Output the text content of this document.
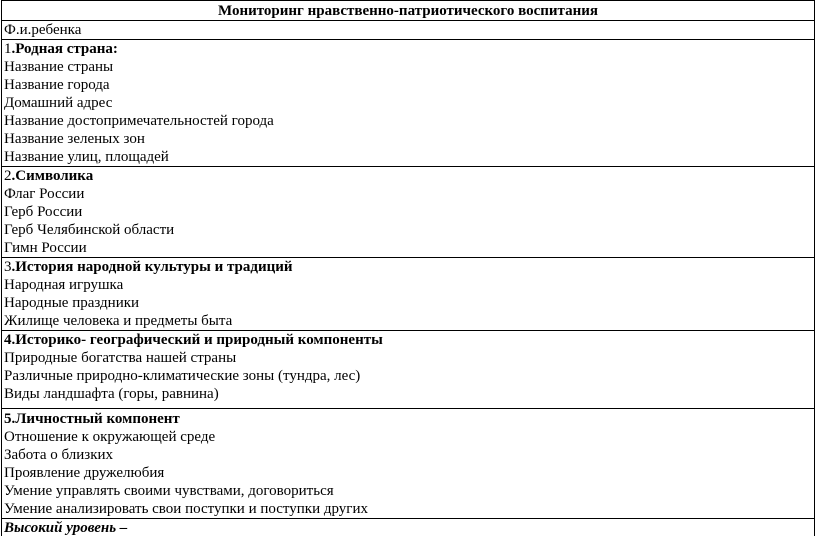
Мониторинг нравственно-патриотического воспитания
Ф.и.ребенка
1.Родная страна:
Название страны
Название города
Домашний адрес
Название достопримечательностей города
Название зеленых зон
Название улиц, площадей
2.Символика
Флаг России
Герб России
Герб Челябинской области
Гимн России
3.История народной культуры и традиций
Народная игрушка
Народные праздники
Жилище человека и предметы быта
4.Историко- географический и природный компоненты
Природные богатства нашей страны
Различные природно-климатические зоны (тундра, лес)
Виды ландшафта (горы, равнина)
5.Личностный компонент
Отношение к окружающей среде
Забота о близких
Проявление дружелюбия
Умение управлять своими чувствами, договориться
Умение анализировать свои поступки и поступки других
Высокий уровень –
